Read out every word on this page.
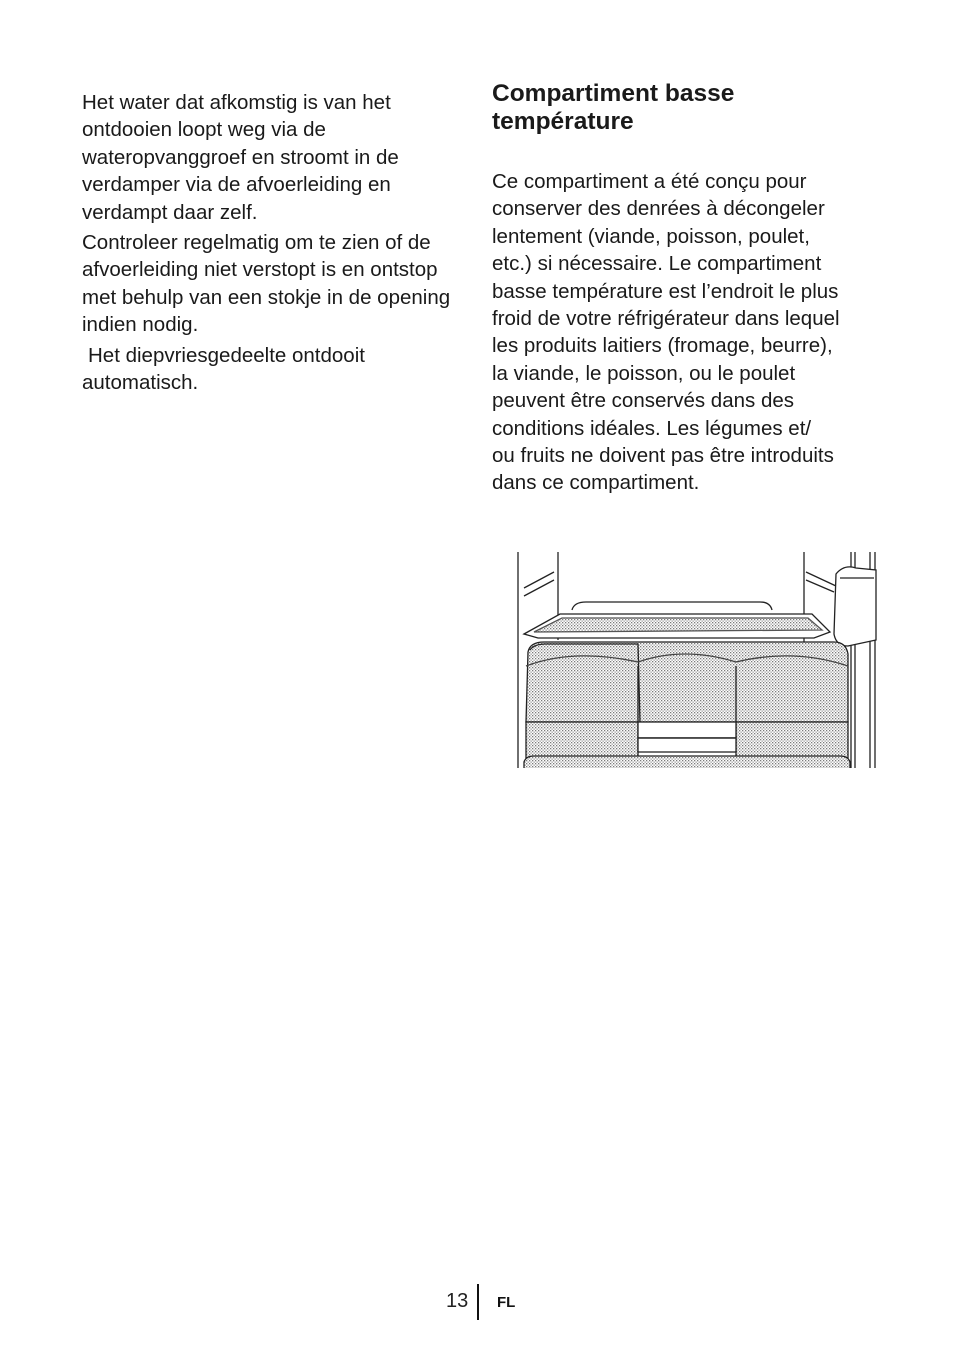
Het water dat afkomstig is van het ontdooien loopt weg via de wateropvanggroef en stroomt in de verdamper via de afvoerleiding en verdampt daar zelf.

Controleer regelmatig om te zien of de afvoerleiding niet verstopt is en ontstop met behulp van een stokje in de opening indien nodig.

Het diepvriesgedeelte ontdooit automatisch.

Compartiment basse
température

Ce compartiment a été conçu pour
conserver des denrées à décongeler
lentement (viande, poisson, poulet,
etc.) si nécessaire. Le compartiment
basse température est l’endroit le plus
froid de votre réfrigérateur dans lequel
les produits laitiers (fromage, beurre),
la viande, le poisson, ou le poulet
peuvent être conservés dans des
conditions idéales. Les légumes et/
ou fruits ne doivent pas être introduits
dans ce compartiment.

13 FL
